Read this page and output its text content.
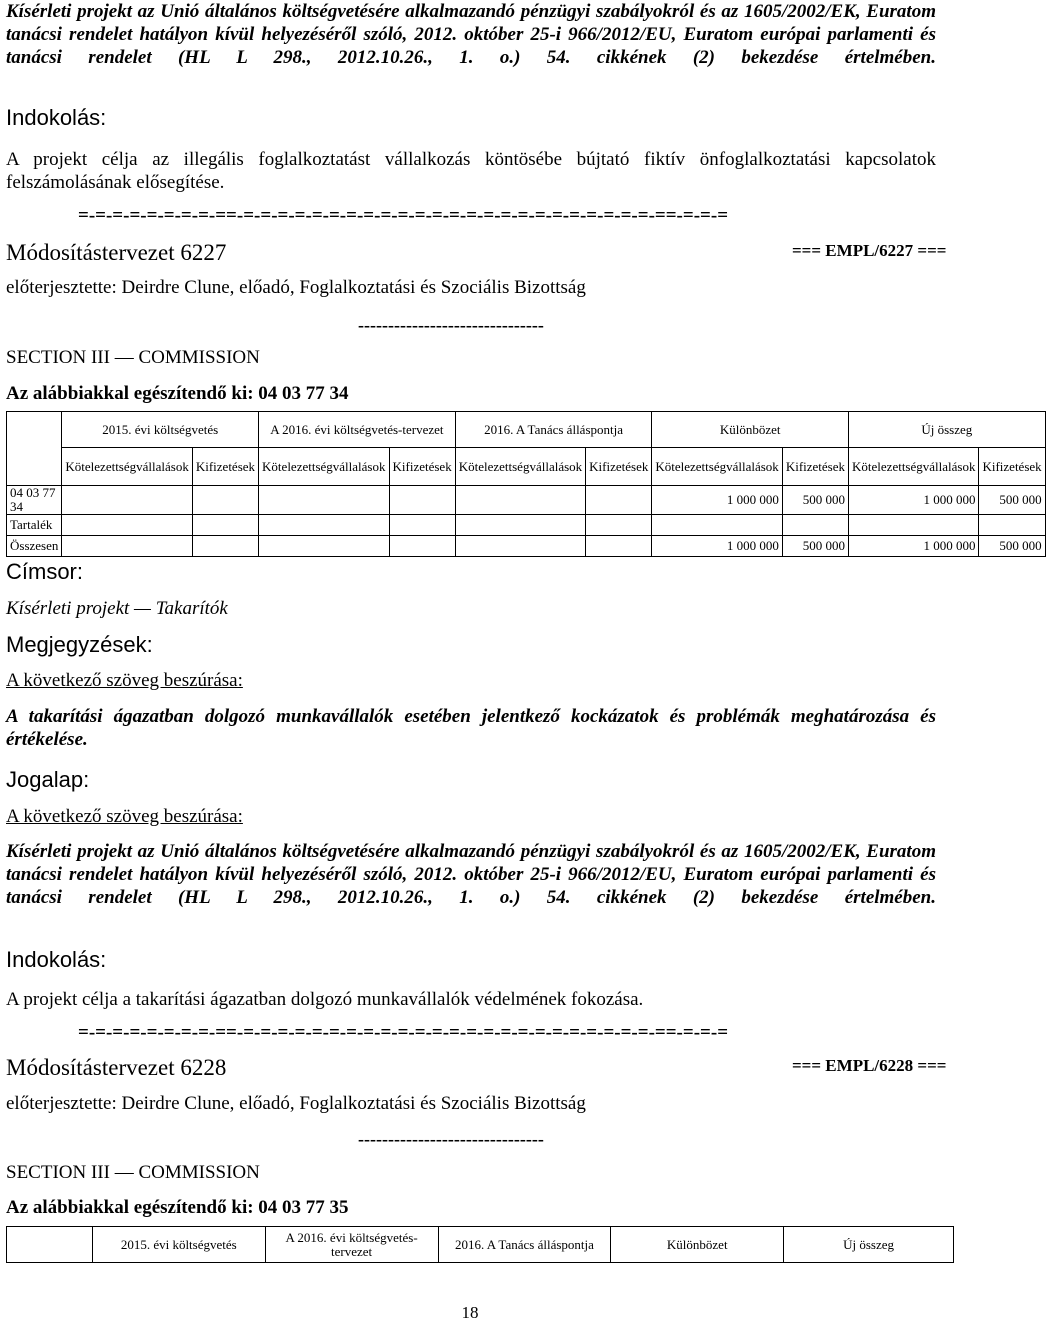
Kísérleti projekt az Unió általános költségvetésére alkalmazandó pénzügyi szabályokról és az 1605/2002/EK, Euratom tanácsi rendelet hatályon kívül helyezéséről szóló, 2012. október 25-i 966/2012/EU, Euratom európai parlamenti és tanácsi rendelet (HL L 298., 2012.10.26., 1. o.) 54. cikkének (2) bekezdése értelmében.
Indokolás:
A projekt célja az illegális foglalkoztatást vállalkozás köntösébe bújtató fiktív önfoglalkoztatási kapcsolatok felszámolásának elősegítése.
=-=-=-=-=-=-=-=-==-=-=-=-=-=-=-=-=-=-=-=-=-=-=-=-=-=-=-=-=-=-=-=-=-==-=-=-=
Módosítástervezet 6227	=== EMPL/6227 ===
előterjesztette: Deirdre Clune, előadó, Foglalkoztatási és Szociális Bizottság
-------------------------------
SECTION III — COMMISSION
Az alábbiakkal egészítendő ki: 04 03 77 34
	2015. évi költségvetés		A 2016. évi költségvetés-tervezet		2016. A Tanács álláspontja		Különbözet		Új összeg	
	Kötelezettségvállalások	Kifizetések	Kötelezettségvállalások	Kifizetések	Kötelezettségvállalások	Kifizetések	Kötelezettségvállalások	Kifizetések	Kötelezettségvállalások	Kifizetések
04 03 77 34							1 000 000	500 000	1 000 000	500 000
Tartalék										
Összesen							1 000 000	500 000	1 000 000	500 000
Címsor:
Kísérleti projekt — Takarítók
Megjegyzések:
A következő szöveg beszúrása:
A takarítási ágazatban dolgozó munkavállalók esetében jelentkező kockázatok és problémák meghatározása és értékelése.
Jogalap:
A következő szöveg beszúrása:
Kísérleti projekt az Unió általános költségvetésére alkalmazandó pénzügyi szabályokról és az 1605/2002/EK, Euratom tanácsi rendelet hatályon kívül helyezéséről szóló, 2012. október 25-i 966/2012/EU, Euratom európai parlamenti és tanácsi rendelet (HL L 298., 2012.10.26., 1. o.) 54. cikkének (2) bekezdése értelmében.
Indokolás:
A projekt célja a takarítási ágazatban dolgozó munkavállalók védelmének fokozása.
=-=-=-=-=-=-=-=-==-=-=-=-=-=-=-=-=-=-=-=-=-=-=-=-=-=-=-=-=-=-=-=-=-==-=-=-=
Módosítástervezet 6228	=== EMPL/6228 ===
előterjesztette: Deirdre Clune, előadó, Foglalkoztatási és Szociális Bizottság
-------------------------------
SECTION III — COMMISSION
Az alábbiakkal egészítendő ki: 04 03 77 35
	2015. évi költségvetés	A 2016. évi költségvetés-tervezet	2016. A Tanács álláspontja	Különbözet	Új összeg
18
